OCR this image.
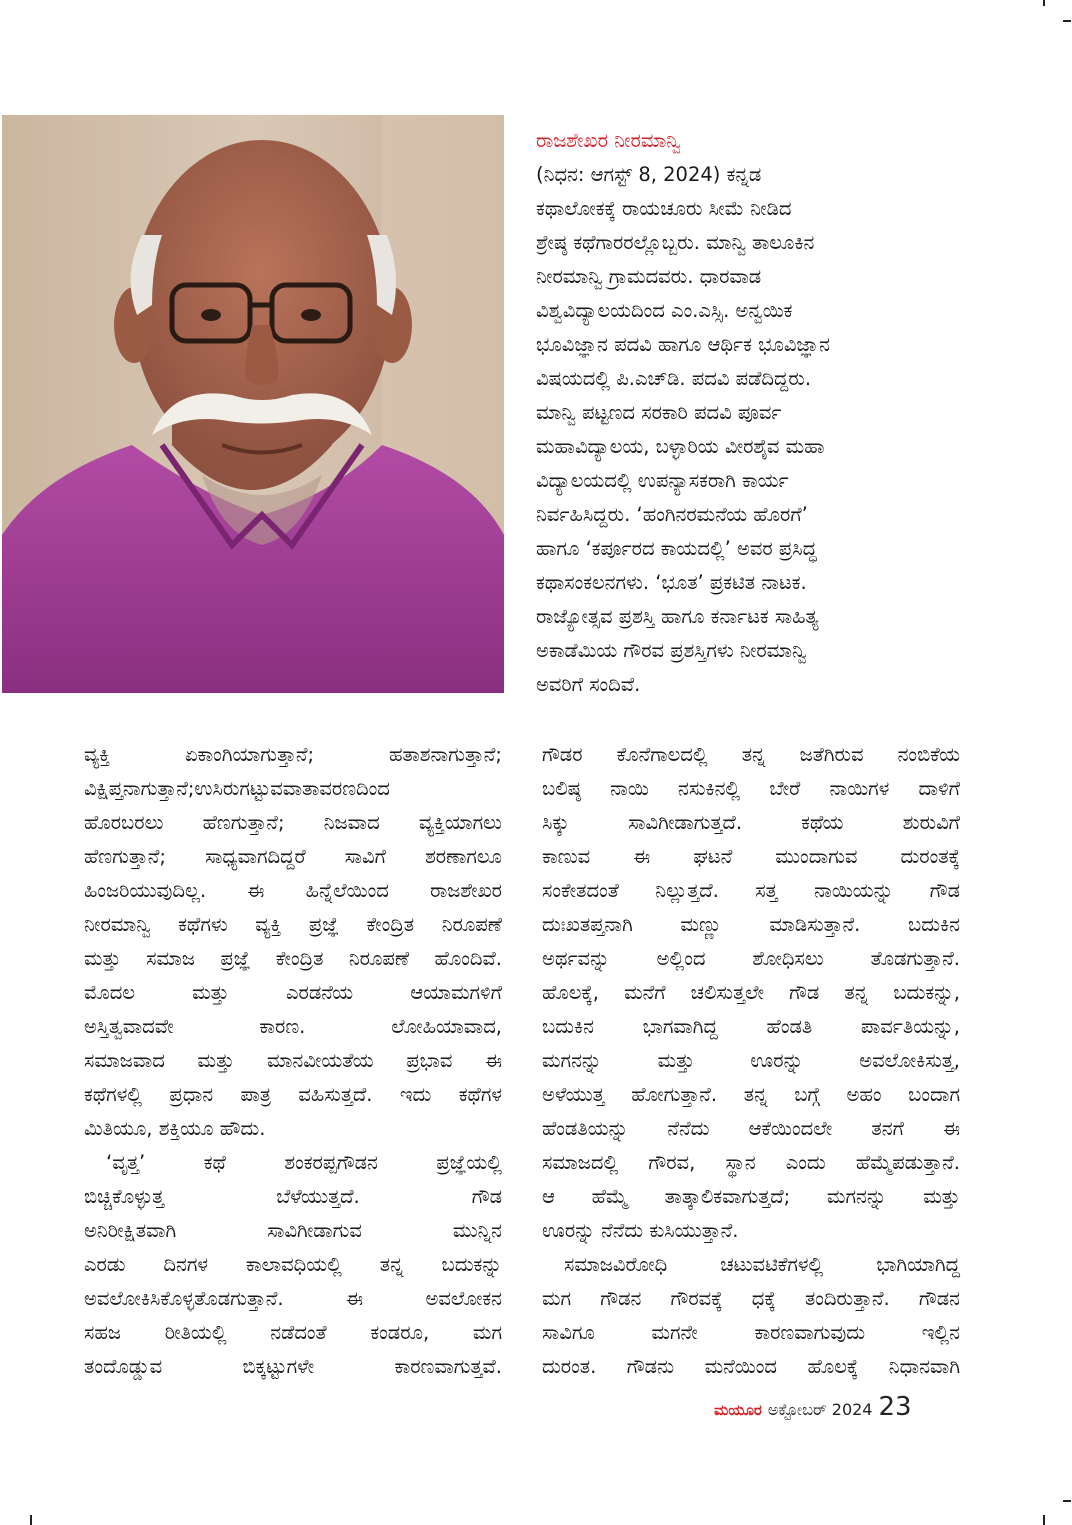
ರಾಜಶೇಖರ ನೀರಮಾನ್ವಿ
(ನಿಧನ: ಆಗಸ್ಟ್ 8, 2024) ಕನ್ನಡ
ಕಥಾಲೋಕಕ್ಕೆ ರಾಯಚೂರು ಸೀಮೆ ನೀಡಿದ
ಶ್ರೇಷ್ಠ ಕಥೆಗಾರರಲ್ಲೊಬ್ಬರು. ಮಾನ್ವಿ ತಾಲೂಕಿನ
ನೀರಮಾನ್ವಿ ಗ್ರಾಮದವರು. ಧಾರವಾಡ
ವಿಶ್ವವಿದ್ಯಾಲಯದಿಂದ ಎಂ.ಎಸ್ಸಿ. ಅನ್ವಯಿಕ
ಭೂವಿಜ್ಞಾನ ಪದವಿ ಹಾಗೂ ಆರ್ಥಿಕ ಭೂವಿಜ್ಞಾನ
ವಿಷಯದಲ್ಲಿ ಪಿ.ಎಚ್‌ಡಿ. ಪದವಿ ಪಡೆದಿದ್ದರು.
ಮಾನ್ವಿ ಪಟ್ಟಣದ ಸರಕಾರಿ ಪದವಿ ಪೂರ್ವ
ಮಹಾವಿದ್ಯಾಲಯ, ಬಳ್ಳಾರಿಯ ವೀರಶೈವ ಮಹಾ
ವಿದ್ಯಾಲಯದಲ್ಲಿ ಉಪನ್ಯಾಸಕರಾಗಿ ಕಾರ್ಯ
ನಿರ್ವಹಿಸಿದ್ದರು. ‘ಹಂಗಿನರಮನೆಯ ಹೊರಗೆ’
ಹಾಗೂ ‘ಕರ್ಪೂರದ ಕಾಯದಲ್ಲಿ’ ಅವರ ಪ್ರಸಿದ್ಧ
ಕಥಾಸಂಕಲನಗಳು. ‘ಭೂತ’ ಪ್ರಕಟಿತ ನಾಟಕ.
ರಾಜ್ಯೋತ್ಸವ ಪ್ರಶಸ್ತಿ ಹಾಗೂ ಕರ್ನಾಟಕ ಸಾಹಿತ್ಯ
ಅಕಾಡೆಮಿಯ ಗೌರವ ಪ್ರಶಸ್ತಿಗಳು ನೀರಮಾನ್ವಿ
ಅವರಿಗೆ ಸಂದಿವೆ.
ವ್ಯಕ್ತಿ ಏಕಾಂಗಿಯಾಗುತ್ತಾನೆ; ಹತಾಶನಾಗುತ್ತಾನೆ;
ವಿಕ್ಷಿಪ್ತನಾಗುತ್ತಾನೆ;ಉಸಿರುಗಟ್ಟುವವಾತಾವರಣದಿಂದ
ಹೊರಬರಲು ಹೆಣಗುತ್ತಾನೆ; ನಿಜವಾದ ವ್ಯಕ್ತಿಯಾಗಲು
ಹೆಣಗುತ್ತಾನೆ; ಸಾಧ್ಯವಾಗದಿದ್ದರೆ ಸಾವಿಗೆ ಶರಣಾಗಲೂ
ಹಿಂಜರಿಯುವುದಿಲ್ಲ. ಈ ಹಿನ್ನೆಲೆಯಿಂದ ರಾಜಶೇಖರ
ನೀರಮಾನ್ವಿ ಕಥೆಗಳು ವ್ಯಕ್ತಿ ಪ್ರಜ್ಞೆ ಕೇಂದ್ರಿತ ನಿರೂಪಣೆ
ಮತ್ತು ಸಮಾಜ ಪ್ರಜ್ಞೆ ಕೇಂದ್ರಿತ ನಿರೂಪಣೆ ಹೊಂದಿವೆ.
ಮೊದಲ ಮತ್ತು ಎರಡನೆಯ ಆಯಾಮಗಳಿಗೆ
ಅಸ್ತಿತ್ವವಾದವೇ ಕಾರಣ. ಲೋಹಿಯಾವಾದ,
ಸಮಾಜವಾದ ಮತ್ತು ಮಾನವೀಯತೆಯ ಪ್ರಭಾವ ಈ
ಕಥೆಗಳಲ್ಲಿ ಪ್ರಧಾನ ಪಾತ್ರ ವಹಿಸುತ್ತದೆ. ಇದು ಕಥೆಗಳ
ಮಿತಿಯೂ, ಶಕ್ತಿಯೂ ಹೌದು.
‘ವೃತ್ತ’ ಕಥೆ ಶಂಕರಪ್ಪಗೌಡನ ಪ್ರಜ್ಞೆಯಲ್ಲಿ
ಬಿಚ್ಚಿಕೊಳ್ಳುತ್ತ ಬೆಳೆಯುತ್ತದೆ. ಗೌಡ
ಅನಿರೀಕ್ಷಿತವಾಗಿ ಸಾವಿಗೀಡಾಗುವ ಮುನ್ನಿನ
ಎರಡು ದಿನಗಳ ಕಾಲಾವಧಿಯಲ್ಲಿ ತನ್ನ ಬದುಕನ್ನು
ಅವಲೋಕಿಸಿಕೊಳ್ಳತೊಡಗುತ್ತಾನೆ. ಈ ಅವಲೋಕನ
ಸಹಜ ರೀತಿಯಲ್ಲಿ ನಡೆದಂತೆ ಕಂಡರೂ, ಮಗ
ತಂದೊಡ್ಡುವ ಬಿಕ್ಕಟ್ಟುಗಳೇ ಕಾರಣವಾಗುತ್ತವೆ.
ಗೌಡರ ಕೊನೆಗಾಲದಲ್ಲಿ ತನ್ನ ಜತೆಗಿರುವ ನಂಬಿಕೆಯ
ಬಲಿಷ್ಠ ನಾಯಿ ನಸುಕಿನಲ್ಲಿ ಬೇರೆ ನಾಯಿಗಳ ದಾಳಿಗೆ
ಸಿಕ್ಕು ಸಾವಿಗೀಡಾಗುತ್ತದೆ. ಕಥೆಯ ಶುರುವಿಗೆ
ಕಾಣುವ ಈ ಘಟನೆ ಮುಂದಾಗುವ ದುರಂತಕ್ಕೆ
ಸಂಕೇತದಂತೆ ನಿಲ್ಲುತ್ತದೆ. ಸತ್ತ ನಾಯಿಯನ್ನು ಗೌಡ
ದುಃಖತಪ್ತನಾಗಿ ಮಣ್ಣು ಮಾಡಿಸುತ್ತಾನೆ. ಬದುಕಿನ
ಅರ್ಥವನ್ನು ಅಲ್ಲಿಂದ ಶೋಧಿಸಲು ತೊಡಗುತ್ತಾನೆ.
ಹೊಲಕ್ಕೆ, ಮನೆಗೆ ಚಲಿಸುತ್ತಲೇ ಗೌಡ ತನ್ನ ಬದುಕನ್ನು,
ಬದುಕಿನ ಭಾಗವಾಗಿದ್ದ ಹೆಂಡತಿ ಪಾರ್ವತಿಯನ್ನು,
ಮಗನನ್ನು ಮತ್ತು ಊರನ್ನು ಅವಲೋಕಿಸುತ್ತ,
ಅಳೆಯುತ್ತ ಹೋಗುತ್ತಾನೆ. ತನ್ನ ಬಗ್ಗೆ ಅಹಂ ಬಂದಾಗ
ಹೆಂಡತಿಯನ್ನು ನೆನೆದು ಆಕೆಯಿಂದಲೇ ತನಗೆ ಈ
ಸಮಾಜದಲ್ಲಿ ಗೌರವ, ಸ್ಥಾನ ಎಂದು ಹೆಮ್ಮೆಪಡುತ್ತಾನೆ.
ಆ ಹೆಮ್ಮೆ ತಾತ್ಕಾಲಿಕವಾಗುತ್ತದೆ; ಮಗನನ್ನು ಮತ್ತು
ಊರನ್ನು ನೆನೆದು ಕುಸಿಯುತ್ತಾನೆ.
ಸಮಾಜವಿರೋಧಿ ಚಟುವಟಿಕೆಗಳಲ್ಲಿ ಭಾಗಿಯಾಗಿದ್ದ
ಮಗ ಗೌಡನ ಗೌರವಕ್ಕೆ ಧಕ್ಕೆ ತಂದಿರುತ್ತಾನೆ. ಗೌಡನ
ಸಾವಿಗೂ ಮಗನೇ ಕಾರಣವಾಗುವುದು ಇಲ್ಲಿನ
ದುರಂತ. ಗೌಡನು ಮನೆಯಿಂದ ಹೊಲಕ್ಕೆ ನಿಧಾನವಾಗಿ
ಮಯೂರ ಅಕ್ಟೋಬರ್ 2024 23
